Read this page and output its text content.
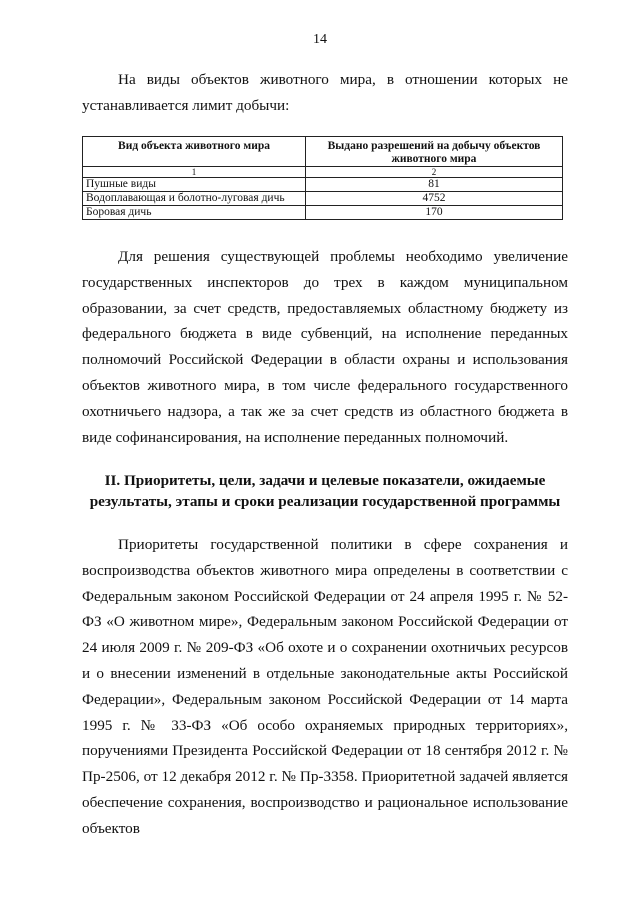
14

На виды объектов животного мира, в отношении которых не устанавливается лимит добычи:

Вид объекта животного мира	Выдано разрешений на добычу объектов животного мира
1	2
Пушные виды	81
Водоплавающая и болотно-луговая дичь	4752
Боровая дичь	170

Для решения существующей проблемы необходимо увеличение государственных инспекторов до трех в каждом муниципальном образовании, за счет средств, предоставляемых областному бюджету из федерального бюджета в виде субвенций, на исполнение переданных полномочий Российской Федерации в области охраны и использования объектов животного мира, в том числе федерального государственного охотничьего надзора, а так же за счет средств из областного бюджета в виде софинансирования, на исполнение переданных полномочий.

II. Приоритеты, цели, задачи и целевые показатели, ожидаемые результаты, этапы и сроки реализации государственной программы

Приоритеты государственной политики в сфере сохранения и воспроизводства объектов животного мира определены в соответствии с Федеральным законом Российской Федерации от 24 апреля 1995 г. № 52-ФЗ «О животном мире», Федеральным законом Российской Федерации от 24 июля 2009 г. № 209-ФЗ «Об охоте и о сохранении охотничьих ресурсов и о внесении изменений в отдельные законодательные акты Российской Федерации», Федеральным законом Российской Федерации от 14 марта 1995 г. № 33-ФЗ «Об особо охраняемых природных территориях», поручениями Президента Российской Федерации от 18 сентября 2012 г. № Пр-2506, от 12 декабря 2012 г. № Пр-3358. Приоритетной задачей является обеспечение сохранения, воспроизводство и рациональное использование объектов
